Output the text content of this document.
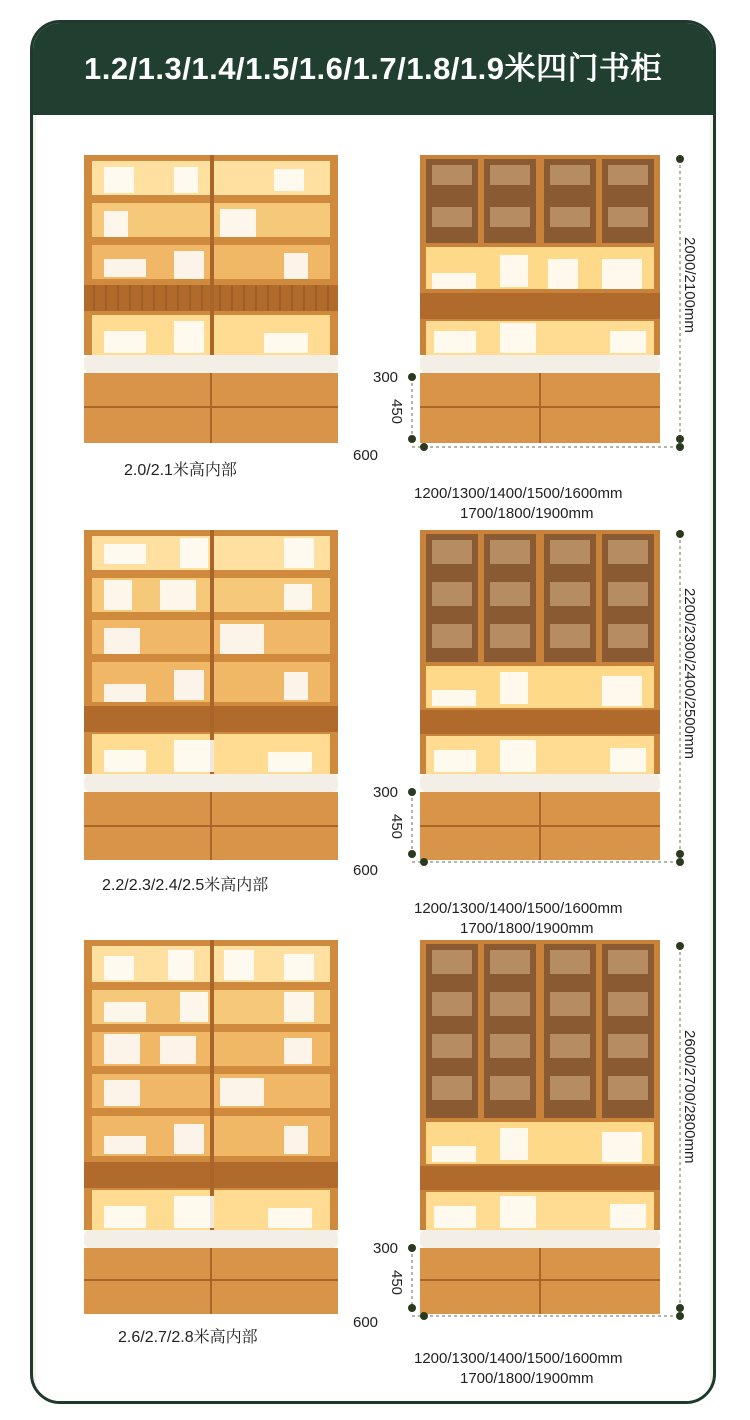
1.2/1.3/1.4/1.5/1.6/1.7/1.8/1.9米四门书柜
2.0/2.1米高内部
300
450
600
2000/2100mm
1200/1300/1400/1500/1600mm
1700/1800/1900mm
2.2/2.3/2.4/2.5米高内部
300
450
600
2200/2300/2400/2500mm
1200/1300/1400/1500/1600mm
1700/1800/1900mm
2.6/2.7/2.8米高内部
300
450
600
2600/2700/2800mm
1200/1300/1400/1500/1600mm
1700/1800/1900mm
